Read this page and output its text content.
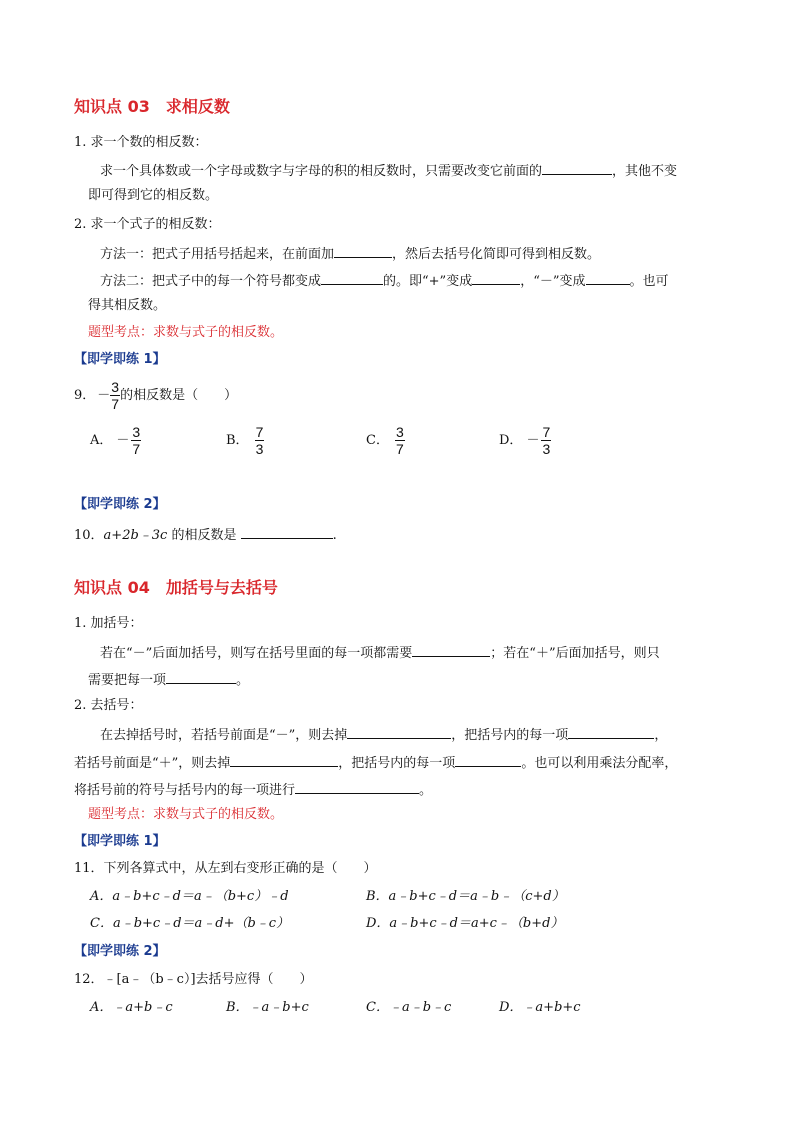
知识点 03　求相反数
1. 求一个数的相反数：
求一个具体数或一个字母或数字与字母的积的相反数时，只需要改变它前面的	，其他不变
即可得到它的相反数。
2. 求一个式子的相反数：
方法一：把式子用括号括起来，在前面加	，然后去括号化简即可得到相反数。
方法二：把式子中的每一个符号都变成	的。即“+”变成	，“－”变成	。也可
得其相反数。
题型考点：求数与式子的相反数。
【即学即练 1】
9． － $\frac{3}{7}$ 的相反数是（　　）
A． － $\frac{3}{7}$	B． $\frac{7}{3}$	C． $\frac{3}{7}$	D． － $\frac{7}{3}$
【即学即练 2】
10．a+2b﹣3c 的相反数是	.
知识点 04　加括号与去括号
1. 加括号：
若在“－”后面加括号，则写在括号里面的每一项都需要	；若在“＋”后面加括号，则只
需要把每一项	。
2. 去括号：
在去掉括号时，若括号前面是“－”，则去掉	，把括号内的每一项	，
若括号前面是“＋”，则去掉	，把括号内的每一项	。也可以利用乘法分配率，
将括号前的符号与括号内的每一项进行	。
题型考点：求数与式子的相反数。
【即学即练 1】
11．下列各算式中，从左到右变形正确的是（　　）
A．a﹣b+c﹣d＝a﹣（b+c）﹣d	B．a﹣b+c﹣d＝a﹣b﹣（c+d）
C．a﹣b+c﹣d＝a﹣d+（b﹣c）	D．a﹣b+c﹣d＝a+c﹣（b+d）
【即学即练 2】
12．﹣[a﹣（b﹣c）]去括号应得（　　）
A．﹣a+b﹣c	B．﹣a﹣b+c	C．﹣a﹣b﹣c	D．﹣a+b+c
